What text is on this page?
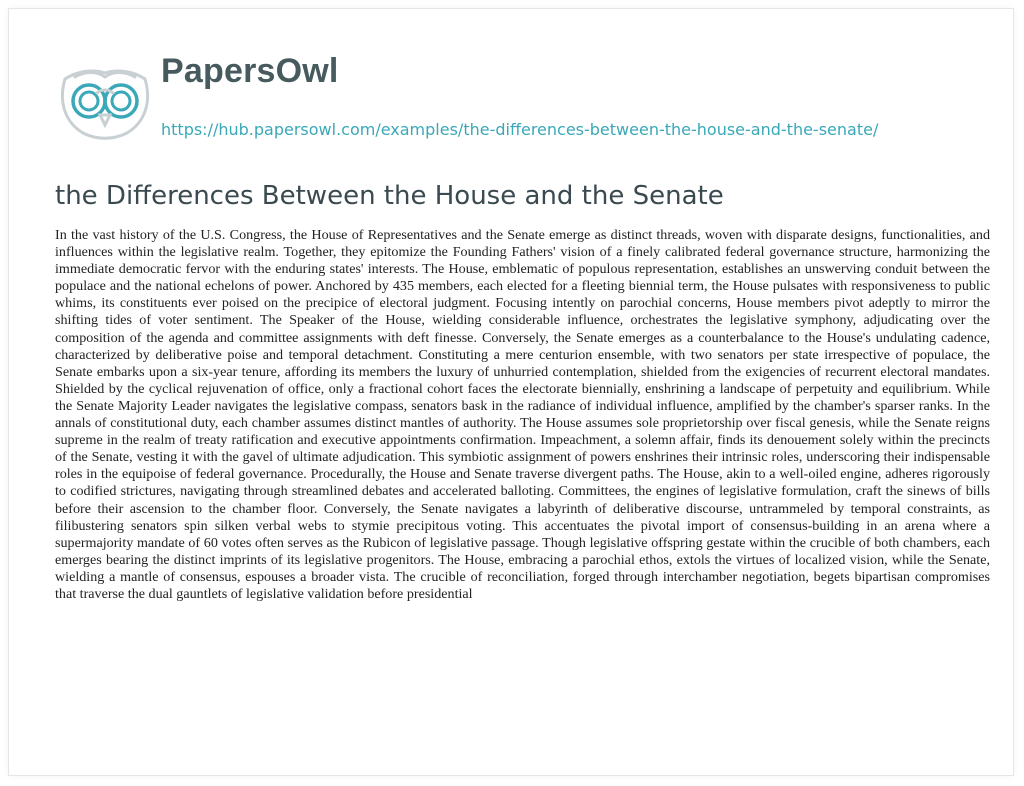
PapersOwl
https://hub.papersowl.com/examples/the-differences-between-the-house-and-the-senate/
the Differences Between the House and the Senate

In the vast history of the U.S. Congress, the House of Representatives and the Senate emerge as distinct threads, woven with disparate designs, functionalities, and influences within the legislative realm. Together, they epitomize the Founding Fathers' vision of a finely calibrated federal governance structure, harmonizing the immediate democratic fervor with the enduring states' interests. The House, emblematic of populous representation, establishes an unswerving conduit between the populace and the national echelons of power. Anchored by 435 members, each elected for a fleeting biennial term, the House pulsates with responsiveness to public whims, its constituents ever poised on the precipice of electoral judgment. Focusing intently on parochial concerns, House members pivot adeptly to mirror the shifting tides of voter sentiment. The Speaker of the House, wielding considerable influence, orchestrates the legislative symphony, adjudicating over the composition of the agenda and committee assignments with deft finesse. Conversely, the Senate emerges as a counterbalance to the House's undulating cadence, characterized by deliberative poise and temporal detachment. Constituting a mere centurion ensemble, with two senators per state irrespective of populace, the Senate embarks upon a six-year tenure, affording its members the luxury of unhurried contemplation, shielded from the exigencies of recurrent electoral mandates. Shielded by the cyclical rejuvenation of office, only a fractional cohort faces the electorate biennially, enshrining a landscape of perpetuity and equilibrium. While the Senate Majority Leader navigates the legislative compass, senators bask in the radiance of individual influence, amplified by the chamber's sparser ranks. In the annals of constitutional duty, each chamber assumes distinct mantles of authority. The House assumes sole proprietorship over fiscal genesis, while the Senate reigns supreme in the realm of treaty ratification and executive appointments confirmation. Impeachment, a solemn affair, finds its denouement solely within the precincts of the Senate, vesting it with the gavel of ultimate adjudication. This symbiotic assignment of powers enshrines their intrinsic roles, underscoring their indispensable roles in the equipoise of federal governance. Procedurally, the House and Senate traverse divergent paths. The House, akin to a well-oiled engine, adheres rigorously to codified strictures, navigating through streamlined debates and accelerated balloting. Committees, the engines of legislative formulation, craft the sinews of bills before their ascension to the chamber floor. Conversely, the Senate navigates a labyrinth of deliberative discourse, untrammeled by temporal constraints, as filibustering senators spin silken verbal webs to stymie precipitous voting. This accentuates the pivotal import of consensus-building in an arena where a supermajority mandate of 60 votes often serves as the Rubicon of legislative passage. Though legislative offspring gestate within the crucible of both chambers, each emerges bearing the distinct imprints of its legislative progenitors. The House, embracing a parochial ethos, extols the virtues of localized vision, while the Senate, wielding a mantle of consensus, espouses a broader vista. The crucible of reconciliation, forged through interchamber negotiation, begets bipartisan compromises that traverse the dual gauntlets of legislative validation before presidential
